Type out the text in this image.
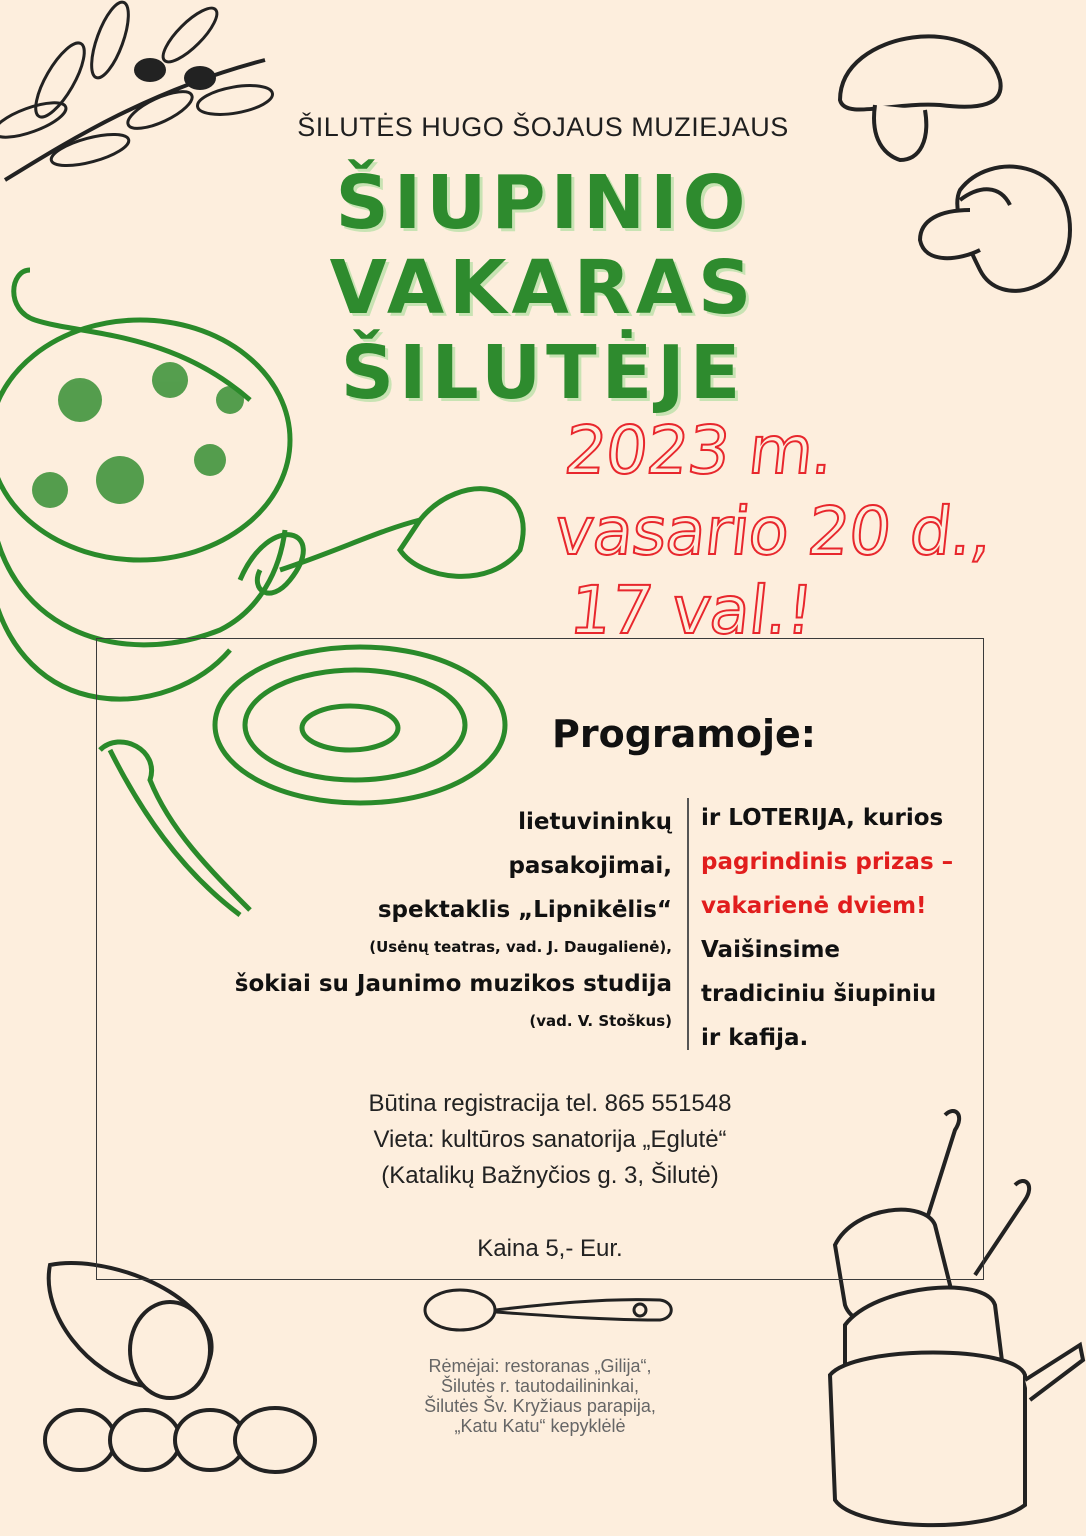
ŠILUTĖS HUGO ŠOJAUS MUZIEJAUS
ŠIUPINIO
VAKARAS
ŠILUTĖJE
2023 m.
vasario 20 d.,
17 val.!
Programoje:
lietuvininkų
pasakojimai,
spektaklis „Lipnikėlis“
(Usėnų teatras, vad. J. Daugalienė),
šokiai su Jaunimo muzikos studija
(vad. V. Stoškus)
ir LOTERIJA, kurios
pagrindinis prizas –
vakarienė dviem!
Vaišinsime
tradiciniu šiupiniu
ir kafija.
Būtina registracija tel. 865 551548
Vieta: kultūros sanatorija „Eglutė“
(Katalikų Bažnyčios g. 3, Šilutė)
Kaina 5,- Eur.
Rėmėjai: restoranas „Gilija“,
Šilutės r. tautodailininkai,
Šilutės Šv. Kryžiaus parapija,
„Katu Katu“ kepyklėlė
